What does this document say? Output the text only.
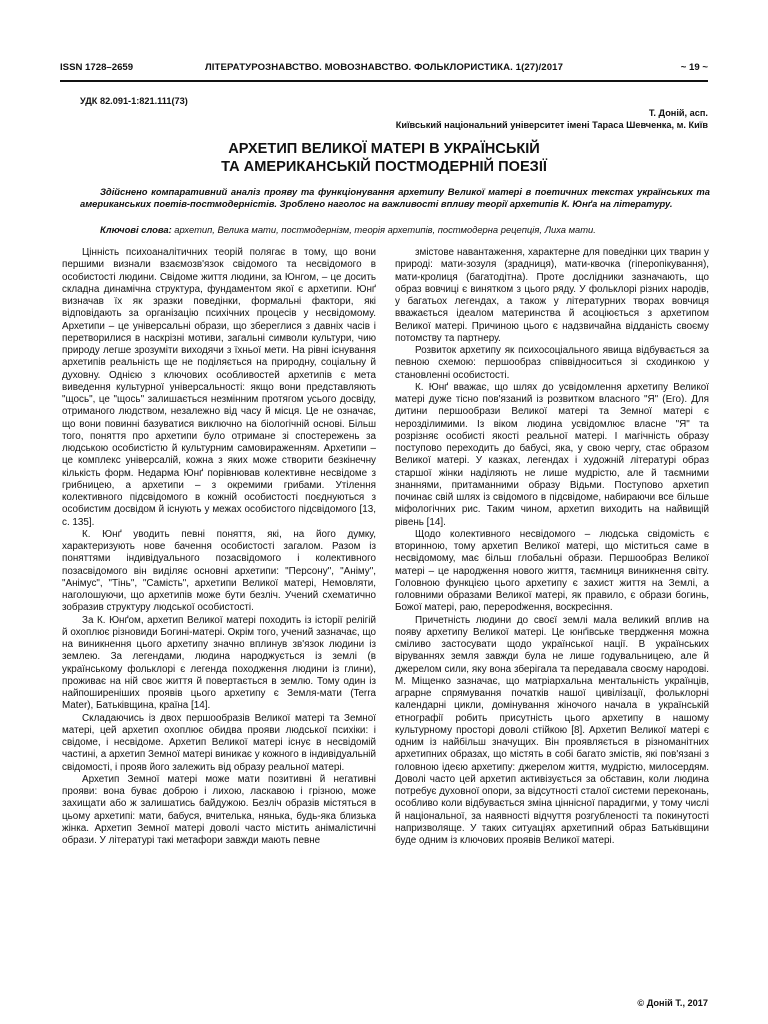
ISSN 1728–2659	ЛІТЕРАТУРОЗНАВСТВО. МОВОЗНАВСТВО. ФОЛЬКЛОРИСТИКА. 1(27)/2017	~ 19 ~
УДК 82.091-1:821.111(73)
Т. Доній, асп.
Київський національний університет імені Тараса Шевченка, м. Київ
АРХЕТИП ВЕЛИКОЇ МАТЕРІ В УКРАЇНСЬКІЙ
ТА АМЕРИКАНСЬКІЙ ПОСТМОДЕРНІЙ ПОЕЗІЇ
Здійснено компаративний аналіз прояву та функціонування архетипу Великої матері в поетичних текстах українських та американських поетів-постмодерністів. Зроблено наголос на важливості впливу теорії архетипів К. Юнґа на літературу.
Ключові слова: архетип, Велика мати, постмодернізм, теорія архетипів, постмодерна рецепція, Лиха мати.

Цінність психоаналітичних теорій полягає в тому, що вони першими визнали взаємозв'язок свідомого та несвідомого в особистості людини. Свідоме життя людини, за Юнгом, – це досить складна динамічна структура, фундаментом якої є архетипи. Юнґ визначав їх як зразки поведінки, формальні фактори, які відповідають за організацію психічних процесів у несвідомому. Архетипи – це універсальні образи, що збереглися з давніх часів і перетворилися в наскрізні мотиви, загальні символи культури, чию природу легше зрозуміти виходячи з їхньої мети. На рівні існування архетипів реальність ще не поділяється на природну, соціальну й духовну. Однією з ключових особливостей архетипів є мета виведення культурної універсальності: якщо вони представляють "щось", це "щось" залишається незмінним протягом усього досвіду, отриманого людством, незалежно від часу й місця. Це не означає, що вони повинні базуватися виключно на біологічній основі. Більш того, поняття про архетипи було отримане зі спостережень за людською особистістю й культурним самовираженням. Архетипи – це комплекс універсалій, кожна з яких може створити безкінечну кількість форм. Недарма Юнґ порівнював колективне несвідоме з грибницею, а архетипи – з окремими грибами. Утілення колективного підсвідомого в кожній особистості поєднуються з особистим досвідом й існують у межах особистого підсвідомого [13, с. 135].

К. Юнґ уводить певні поняття, які, на його думку, характеризують нове бачення особистості загалом. Разом із поняттями індивідуального позасвідомого і колективного позасвідомого він виділяє основні архетипи: "Персону", "Аніму", "Анімус", "Тінь", "Самість", архетипи Великої матері, Немовляти, наголошуючи, що архетипів може бути безліч. Учений схематично зобразив структуру людської особистості.

За К. Юнґом, архетип Великої матері походить із історії релігій й охоплює різновиди Богині-матері. Окрім того, учений зазначає, що на виникнення цього архетипу значно вплинув зв'язок людини із землею. За легендами, людина народжується із землі (в українському фольклорі є легенда походження людини із глини), проживає на ній своє життя й повертається в землю. Тому один із найпоширеніших проявів цього архетипу є Земля-мати (Terra Mater), Батьківщина, країна [14].

Складаючись із двох першообразів Великої матері та Земної матері, цей архетип охоплює обидва прояви людської психіки: і свідоме, і несвідоме. Архетип Великої матері існує в несвідомій частині, а архетип Земної матері виникає у кожного в індивідуальній свідомості, і прояв його залежить від образу реальної матері.

Архетип Земної матері може мати позитивні й негативні прояви: вона буває доброю і лихою, ласкавою і грізною, може захищати або ж залишатись байдужою. Безліч образів містяться в цьому архетипі: мати, бабуся, вчителька, нянька, будь-яка близька жінка. Архетип Земної матері доволі часто містить анімалістичні образи. У літературі такі метафори завжди мають певне

змістове навантаження, характерне для поведінки цих тварин у природі: мати-зозуля (зрадниця), мати-квочка (гіперопікування), мати-кролиця (багатодітна). Проте дослідники зазначають, що образ вовчиці є винятком з цього ряду. У фольклорі різних народів, у багатьох легендах, а також у літературних творах вовчиця вважається ідеалом материнства й асоціюється з архетипом Великої матері. Причиною цього є надзвичайна відданість своєму потомству та партнеру.

Розвиток архетипу як психосоціального явища відбувається за певною схемою: першообраз співвідноситься зі сходинкою у становленні особистості.

К. Юнґ вважає, що шлях до усвідомлення архетипу Великої матері дуже тісно пов'язаний із розвитком власного "Я" (Его). Для дитини першообрази Великої матері та Земної матері є нерозділимими. Із віком людина усвідомлює власне "Я" та розрізняє особисті якості реальної матері. І магічність образу поступово переходить до бабусі, яка, у свою чергу, стає образом Великої матері. У казках, легендах і художній літературі образ старшої жінки наділяють не лише мудрістю, але й таємними знаннями, притаманними образу Відьми. Поступово архетип починає свій шлях із свідомого в підсвідоме, набираючи все більше міфологічних рис. Таким чином, архетип виходить на найвищій рівень [14].

Щодо колективного несвідомого – людська свідомість є вторинною, тому архетип Великої матері, що міститься саме в несвідомому, має більш глобальні образи. Першообраз Великої матері – це народження нового життя, таємниця виникнення світу. Головною функцією цього архетипу є захист життя на Землі, а головними образами Великої матері, як правило, є образи богинь, Божої матері, раю, перерodження, воскресіння.

Причетність людини до своєї землі мала великий вплив на появу архетипу Великої матері. Це юнґівське твердження можна сміливо застосувати щодо української нації. В українських віруваннях земля завжди була не лише годувальницею, але й джерелом сили, яку вона зберігала та передавала своєму народові. М. Міщенко зазначає, що матріархальна ментальність українців, аграрне спрямування початків нашої цивілізації, фольклорні календарні цикли, домінування жіночого начала в українській етнографії робить присутність цього архетипу в нашому культурному просторі доволі стійкою [8]. Архетип Великої матері є одним із найбільш значущих. Він проявляється в різноманітних архетипних образах, що містять в собі багато змістів, які пов'язані з головною ідеєю архетипу: джерелом життя, мудрістю, милосердям. Доволі часто цей архетип активізується за обставин, коли людина потребує духовної опори, за відсутності сталої системи переконань, особливо коли відбувається зміна ціннісної парадигми, у тому числі й національної, за наявності відчуття розгубленості та покинутості напризволяще. У таких ситуаціях архетипний образ Батьківщини буде одним із ключових проявів Великої матері.

© Доній Т., 2017
